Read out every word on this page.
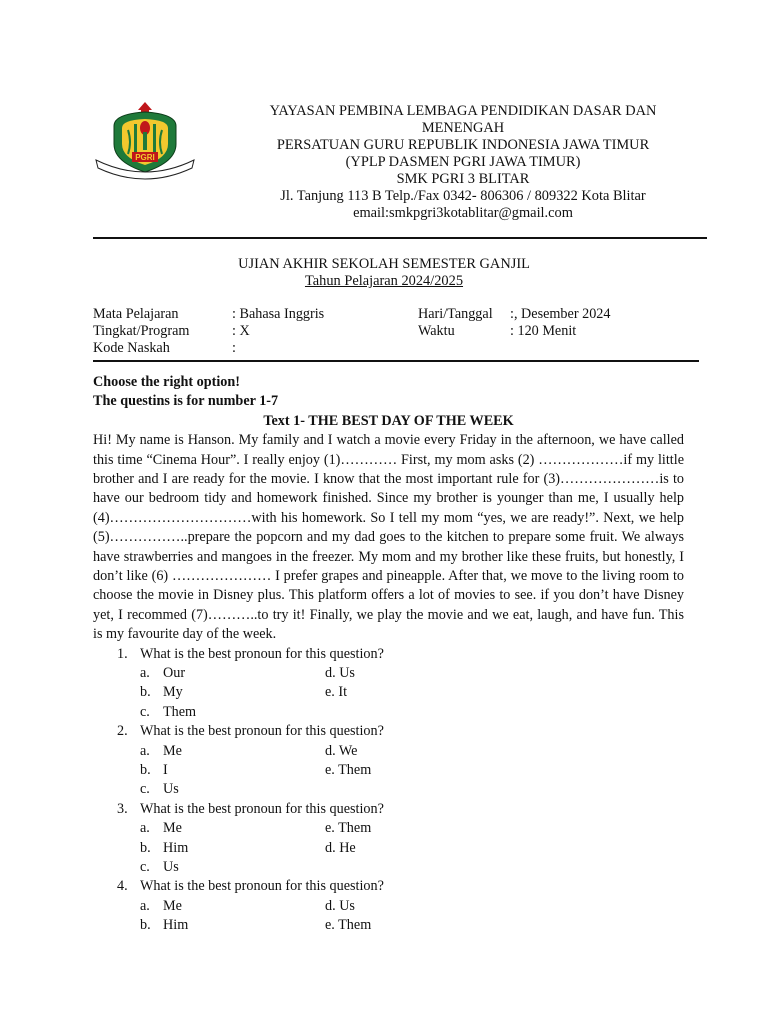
PGRI
YAYASAN PEMBINA LEMBAGA PENDIDIKAN DASAR DAN
MENENGAH
PERSATUAN GURU REPUBLIK INDONESIA JAWA TIMUR
(YPLP DASMEN PGRI JAWA TIMUR)
SMK PGRI 3 BLITAR
Jl. Tanjung 113 B Telp./Fax 0342- 806306 / 809322 Kota Blitar
email:smkpgri3kotablitar@gmail.com
UJIAN AKHIR SEKOLAH SEMESTER GANJIL
Tahun Pelajaran 2024/2025
Mata Pelajaran	: Bahasa Inggris	Hari/Tanggal :, Desember 2024
Tingkat/Program	: X	Waktu	: 120 Menit
Kode Naskah	:
Choose the right option!
The questins is for number 1-7
Text 1- THE BEST DAY OF THE WEEK
Hi! My name is Hanson. My family and I watch a movie every Friday in the afternoon, we have called this time “Cinema Hour”. I really enjoy (1)………… First, my mom asks (2) ………………if my little brother and I are ready for the movie. I know that the most important rule for (3)…………………is to have our bedroom tidy and homework finished. Since my brother is younger than me, I usually help (4)…………………………with his homework. So I tell my mom “yes, we are ready!”. Next, we help (5)……………..prepare the popcorn and my dad goes to the kitchen to prepare some fruit. We always have strawberries and mangoes in the freezer. My mom and my brother like these fruits, but honestly, I don’t like (6) ………………… I prefer grapes and pineapple. After that, we move to the living room to choose the movie in Disney plus. This platform offers a lot of movies to see. if you don’t have Disney yet, I recommed (7)………..to try it! Finally, we play the movie and we eat, laugh, and have fun. This is my favourite day of the week.
1. What is the best pronoun for this question?
a. Our	d. Us
b. My	e. It
c. Them
2. What is the best pronoun for this question?
a. Me	d. We
b. I	e. Them
c. Us
3. What is the best pronoun for this question?
a. Me	e. Them
b. Him	d. He
c. Us
4. What is the best pronoun for this question?
a. Me	d. Us
b. Him	e. Them
